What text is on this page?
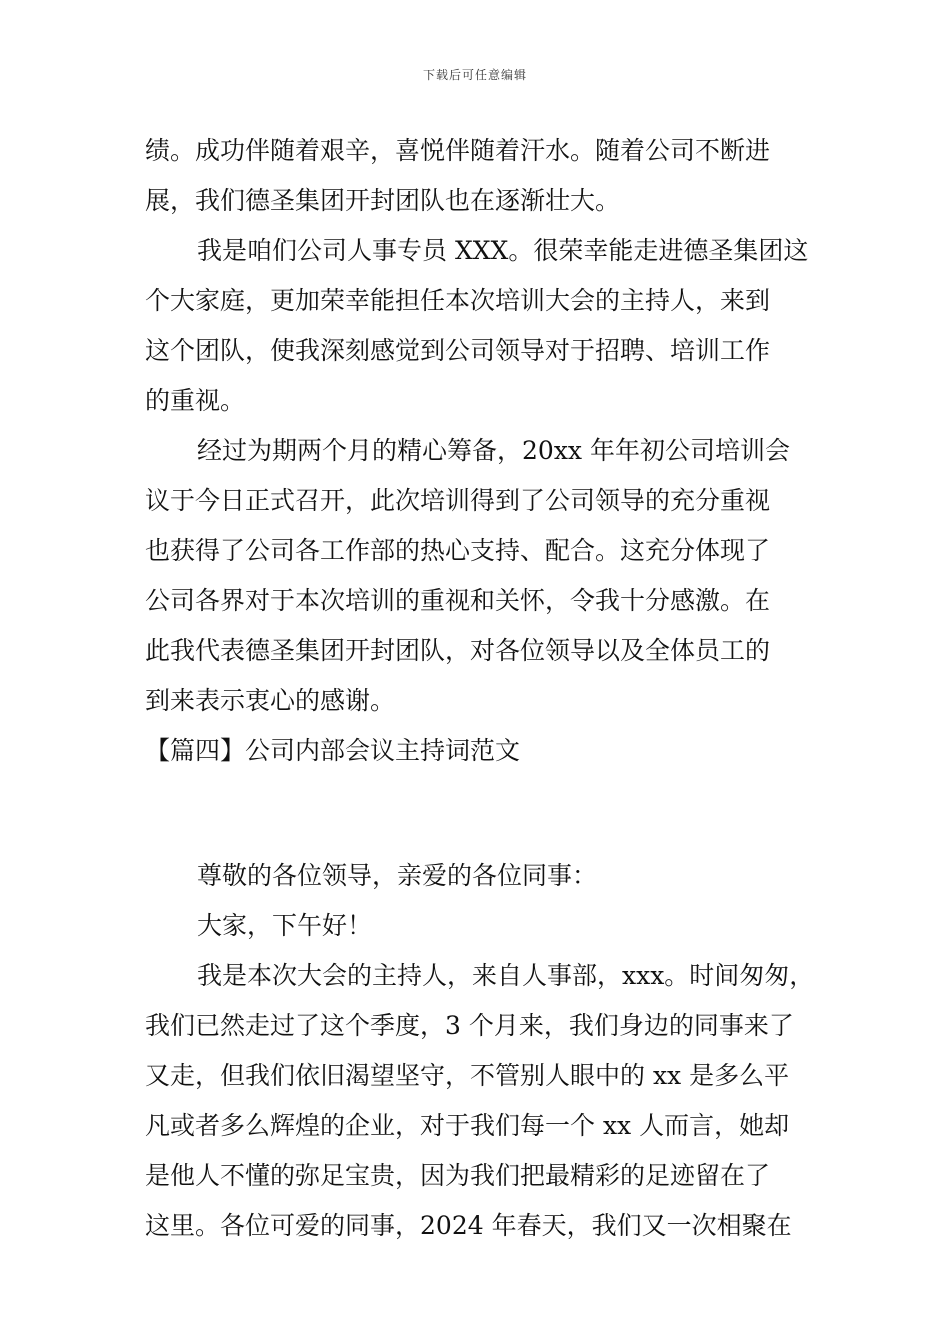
下载后可任意编辑
绩。成功伴随着艰辛，喜悦伴随着汗水。随着公司不断进
展，我们德圣集团开封团队也在逐渐壮大。
我是咱们公司人事专员 XXX。很荣幸能走进德圣集团这
个大家庭，更加荣幸能担任本次培训大会的主持人，来到
这个团队，使我深刻感觉到公司领导对于招聘、培训工作
的重视。
经过为期两个月的精心筹备，20xx 年年初公司培训会
议于今日正式召开，此次培训得到了公司领导的充分重视
也获得了公司各工作部的热心支持、配合。这充分体现了
公司各界对于本次培训的重视和关怀，令我十分感激。在
此我代表德圣集团开封团队，对各位领导以及全体员工的
到来表示衷心的感谢。
【篇四】公司内部会议主持词范文
尊敬的各位领导，亲爱的各位同事：
大家，下午好！
我是本次大会的主持人，来自人事部，xxx。时间匆匆，
我们已然走过了这个季度，3 个月来，我们身边的同事来了
又走，但我们依旧渴望坚守，不管别人眼中的 xx 是多么平
凡或者多么辉煌的企业，对于我们每一个 xx 人而言，她却
是他人不懂的弥足宝贵，因为我们把最精彩的足迹留在了
这里。各位可爱的同事，2024 年春天，我们又一次相聚在
